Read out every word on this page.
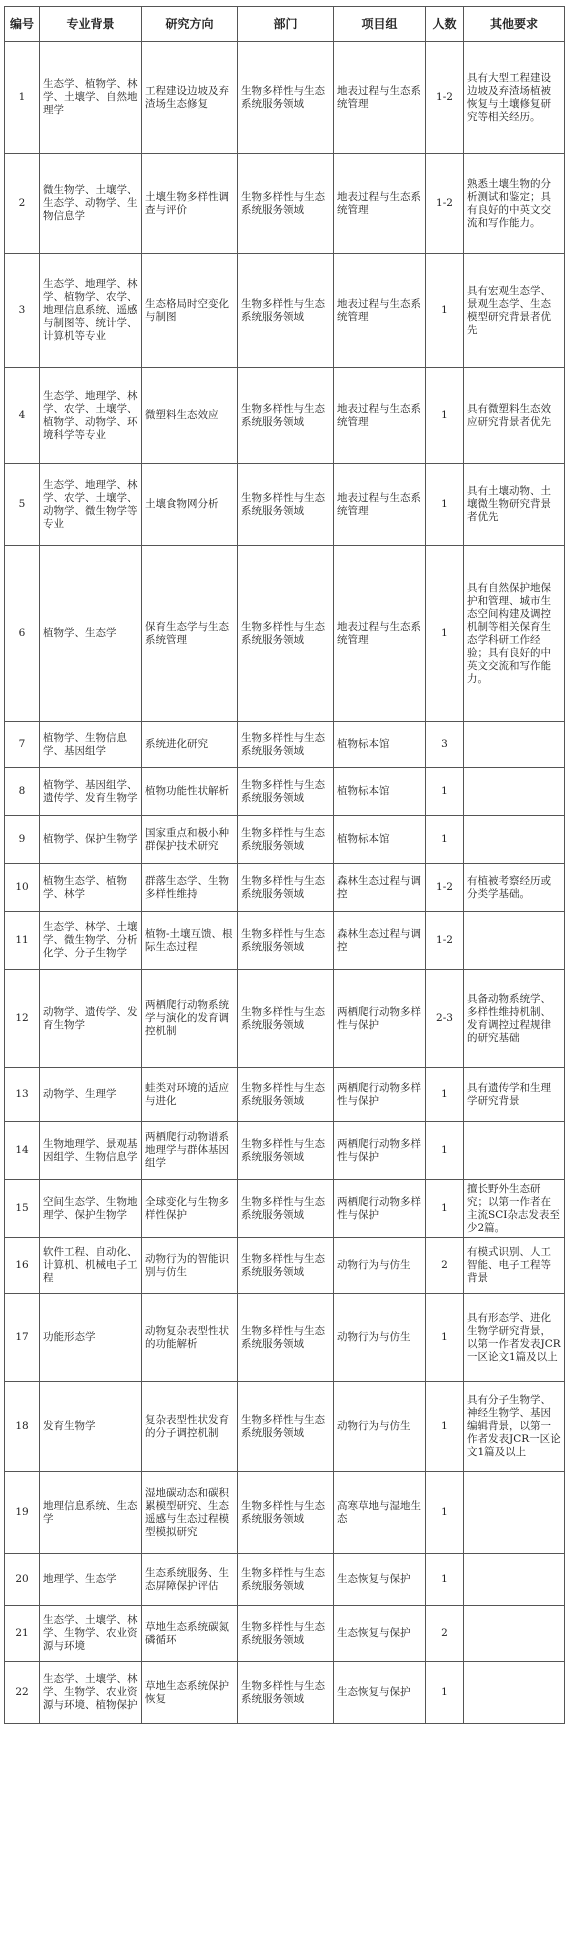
编号	专业背景	研究方向	部门	项目组	人数	其他要求
1	生态学、植物学、林学、土壤学、自然地理学	工程建设边坡及弃渣场生态修复	生物多样性与生态系统服务领域	地表过程与生态系统管理	1-2	具有大型工程建设边坡及弃渣场植被恢复与土壤修复研究等相关经历。
2	微生物学、土壤学、生态学、动物学、生物信息学	土壤生物多样性调查与评价	生物多样性与生态系统服务领域	地表过程与生态系统管理	1-2	熟悉土壤生物的分析测试和鉴定；具有良好的中英文交流和写作能力。
3	生态学、地理学、林学、植物学、农学、地理信息系统、遥感与制图等、统计学、计算机等专业	生态格局时空变化与制图	生物多样性与生态系统服务领域	地表过程与生态系统管理	1	具有宏观生态学、景观生态学、生态模型研究背景者优先
4	生态学、地理学、林学、农学、土壤学、植物学、动物学、环境科学等专业	微塑料生态效应	生物多样性与生态系统服务领域	地表过程与生态系统管理	1	具有微塑料生态效应研究背景者优先
5	生态学、地理学、林学、农学、土壤学、动物学、微生物学等专业	土壤食物网分析	生物多样性与生态系统服务领域	地表过程与生态系统管理	1	具有土壤动物、土壤微生物研究背景者优先
6	植物学、生态学	保育生态学与生态系统管理	生物多样性与生态系统服务领域	地表过程与生态系统管理	1	具有自然保护地保护和管理、城市生态空间构建及调控机制等相关保育生态学科研工作经验；具有良好的中英文交流和写作能力。
7	植物学、生物信息学、基因组学	系统进化研究	生物多样性与生态系统服务领域	植物标本馆	3	
8	植物学、基因组学、遗传学、发育生物学	植物功能性状解析	生物多样性与生态系统服务领域	植物标本馆	1	
9	植物学、保护生物学	国家重点和极小种群保护技术研究	生物多样性与生态系统服务领域	植物标本馆	1	
10	植物生态学、植物学、林学	群落生态学、生物多样性维持	生物多样性与生态系统服务领域	森林生态过程与调控	1-2	有植被考察经历或分类学基础。
11	生态学、林学、土壤学、微生物学、分析化学、分子生物学	植物-土壤互馈、根际生态过程	生物多样性与生态系统服务领域	森林生态过程与调控	1-2	
12	动物学、遗传学、发育生物学	两栖爬行动物系统学与演化的发育调控机制	生物多样性与生态系统服务领域	两栖爬行动物多样性与保护	2-3	具备动物系统学、多样性维持机制、发育调控过程规律的研究基础
13	动物学、生理学	蛙类对环境的适应与进化	生物多样性与生态系统服务领域	两栖爬行动物多样性与保护	1	具有遗传学和生理学研究背景
14	生物地理学、景观基因组学、生物信息学	两栖爬行动物谱系地理学与群体基因组学	生物多样性与生态系统服务领域	两栖爬行动物多样性与保护	1	
15	空间生态学、生物地理学、保护生物学	全球变化与生物多样性保护	生物多样性与生态系统服务领域	两栖爬行动物多样性与保护	1	擅长野外生态研究；以第一作者在主流SCI杂志发表至少2篇。
16	软件工程、自动化、计算机、机械电子工程	动物行为的智能识别与仿生	生物多样性与生态系统服务领域	动物行为与仿生	2	有模式识别、人工智能、电子工程等背景
17	功能形态学	动物复杂表型性状的功能解析	生物多样性与生态系统服务领域	动物行为与仿生	1	具有形态学、进化生物学研究背景，以第一作者发表JCR一区论文1篇及以上
18	发育生物学	复杂表型性状发育的分子调控机制	生物多样性与生态系统服务领域	动物行为与仿生	1	具有分子生物学、神经生物学、基因编辑背景，以第一作者发表JCR一区论文1篇及以上
19	地理信息系统、生态学	湿地碳动态和碳积累模型研究、生态遥感与生态过程模型模拟研究	生物多样性与生态系统服务领域	高寒草地与湿地生态	1	
20	地理学、生态学	生态系统服务、生态屏障保护评估	生物多样性与生态系统服务领域	生态恢复与保护	1	
21	生态学、土壤学、林学、生物学、农业资源与环境	草地生态系统碳氮磷循环	生物多样性与生态系统服务领域	生态恢复与保护	2	
22	生态学、土壤学、林学、生物学、农业资源与环境、植物保护	草地生态系统保护恢复	生物多样性与生态系统服务领域	生态恢复与保护	1	
